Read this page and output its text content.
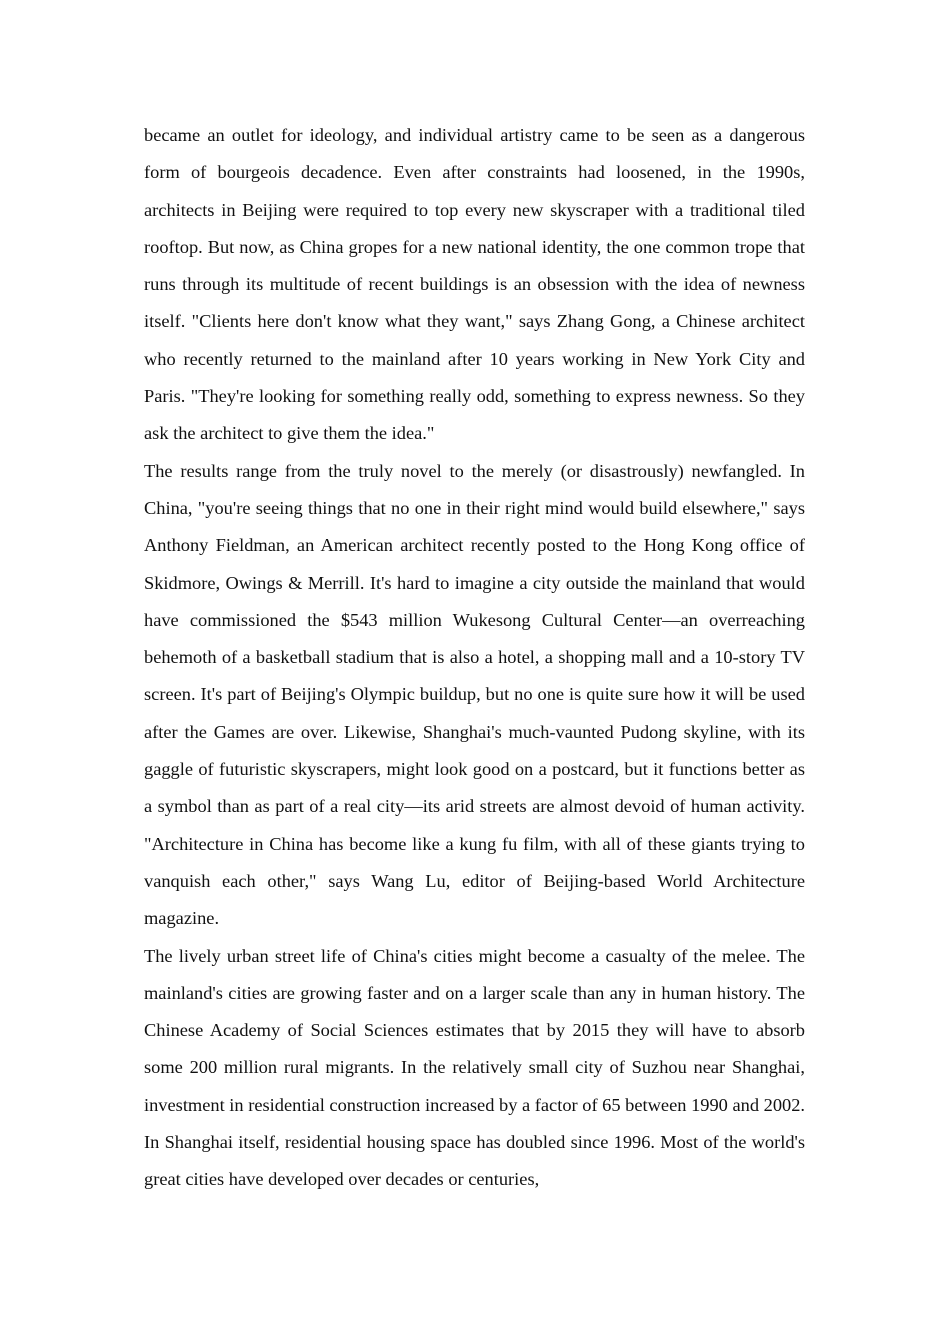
became an outlet for ideology, and individual artistry came to be seen as a dangerous form of bourgeois decadence. Even after constraints had loosened, in the 1990s, architects in Beijing were required to top every new skyscraper with a traditional tiled rooftop. But now, as China gropes for a new national identity, the one common trope that runs through its multitude of recent buildings is an obsession with the idea of newness itself. "Clients here don't know what they want," says Zhang Gong, a Chinese architect who recently returned to the mainland after 10 years working in New York City and Paris. "They're looking for something really odd, something to express newness. So they ask the architect to give them the idea."

The results range from the truly novel to the merely (or disastrously) newfangled. In China, "you're seeing things that no one in their right mind would build elsewhere," says Anthony Fieldman, an American architect recently posted to the Hong Kong office of Skidmore, Owings & Merrill. It's hard to imagine a city outside the mainland that would have commissioned the $543 million Wukesong Cultural Center—an overreaching behemoth of a basketball stadium that is also a hotel, a shopping mall and a 10-story TV screen. It's part of Beijing's Olympic buildup, but no one is quite sure how it will be used after the Games are over. Likewise, Shanghai's much-vaunted Pudong skyline, with its gaggle of futuristic skyscrapers, might look good on a postcard, but it functions better as a symbol than as part of a real city—its arid streets are almost devoid of human activity. "Architecture in China has become like a kung fu film, with all of these giants trying to vanquish each other," says Wang Lu, editor of Beijing-based World Architecture magazine.

The lively urban street life of China's cities might become a casualty of the melee. The mainland's cities are growing faster and on a larger scale than any in human history. The Chinese Academy of Social Sciences estimates that by 2015 they will have to absorb some 200 million rural migrants. In the relatively small city of Suzhou near Shanghai, investment in residential construction increased by a factor of 65 between 1990 and 2002. In Shanghai itself, residential housing space has doubled since 1996. Most of the world's great cities have developed over decades or centuries,
